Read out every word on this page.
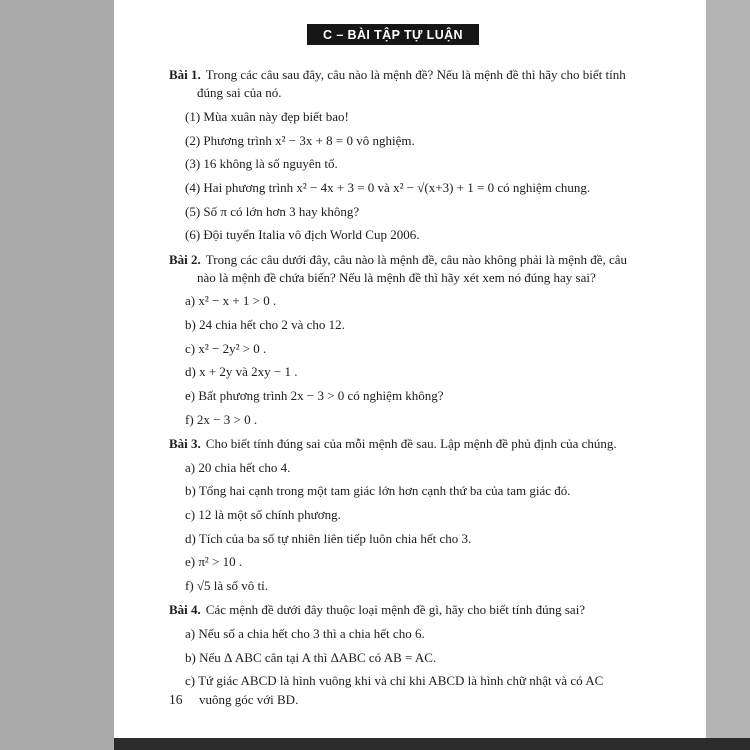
C – BÀI TẬP TỰ LUẬN

Bài 1. Trong các câu sau đây, câu nào là mệnh đề? Nếu là mệnh đề thì hãy cho biết tính đúng sai của nó.

(1) Mùa xuân này đẹp biết bao!

(2) Phương trình x² − 3x + 8 = 0 vô nghiệm.

(3) 16 không là số nguyên tố.

(4) Hai phương trình x² − 4x + 3 = 0 và x² − √(x+3) + 1 = 0 có nghiệm chung.

(5) Số π có lớn hơn 3 hay không?

(6) Đội tuyển Italia vô địch World Cup 2006.

Bài 2. Trong các câu dưới đây, câu nào là mệnh đề, câu nào không phải là mệnh đề, câu nào là mệnh đề chứa biến? Nếu là mệnh đề thì hãy xét xem nó đúng hay sai?

a) x² − x + 1 > 0 .

b) 24 chia hết cho 2 và cho 12.

c) x² − 2y² > 0 .

d) x + 2y và 2xy − 1 .

e) Bất phương trình 2x − 3 > 0 có nghiệm không?

f) 2x − 3 > 0 .

Bài 3. Cho biết tính đúng sai của mỗi mệnh đề sau. Lập mệnh đề phủ định của chúng.

a) 20 chia hết cho 4.

b) Tổng hai cạnh trong một tam giác lớn hơn cạnh thứ ba của tam giác đó.

c) 12 là một số chính phương.

d) Tích của ba số tự nhiên liên tiếp luôn chia hết cho 3.

e) π² > 10 .

f) √5 là số vô tỉ.

Bài 4. Các mệnh đề dưới đây thuộc loại mệnh đề gì, hãy cho biết tính đúng sai?

a) Nếu số a chia hết cho 3 thì a chia hết cho 6.

b) Nếu Δ ABC cân tại A thì ΔABC có AB = AC.

c) Tứ giác ABCD là hình vuông khi và chỉ khi ABCD là hình chữ nhật và có AC vuông góc với BD.

16
